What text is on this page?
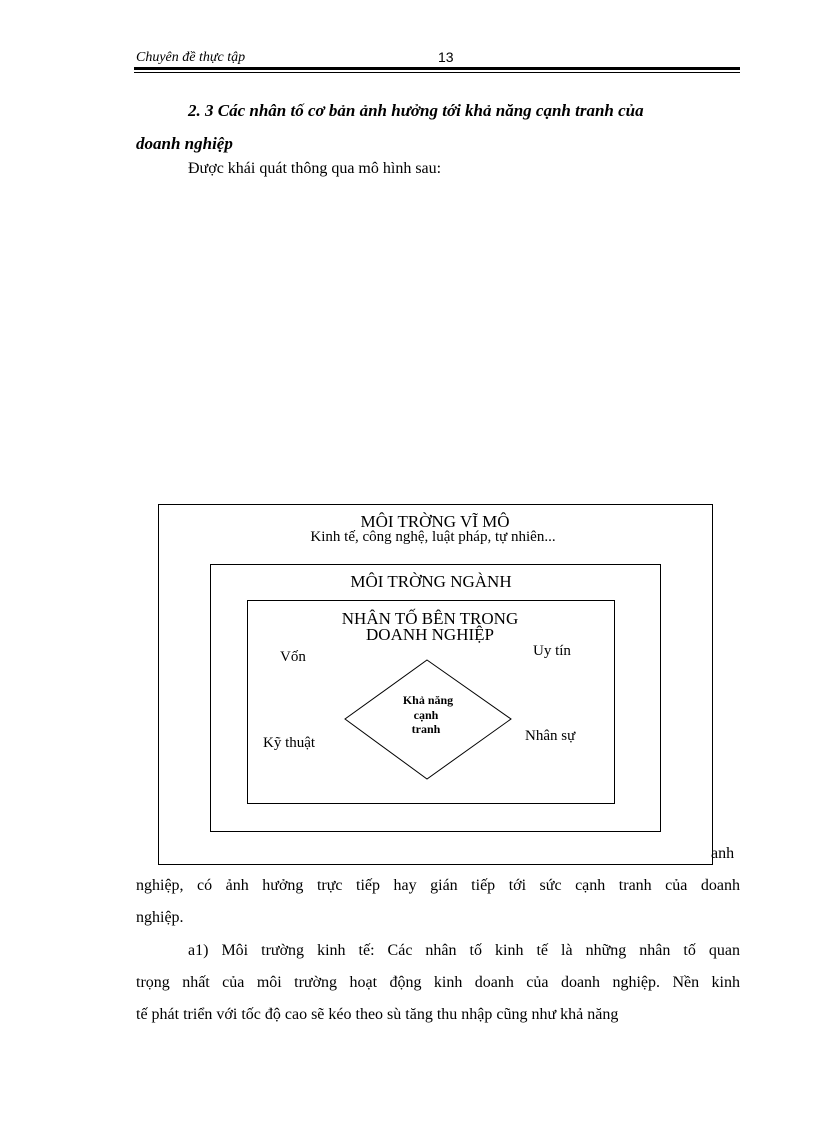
Chuyên đề thực tập	13
2. 3 Các nhân tố cơ bản ảnh hưởng tới khả năng cạnh tranh của
doanh nghiệp
Được khái quát thông qua mô hình sau:
MÔI TRỜNG VĨ MÔ
Kinh tế, công nghệ, luật pháp, tự nhiên...
MÔI TRỜNG NGÀNH
NHÂN TỐ BÊN TRONG
DOANH NGHIỆP
Vốn	Uy tín
Kỹ thuật	Nhân sự
Khả năng
cạnh
tranh
anh
nghiệp, có ảnh hưởng trực tiếp hay gián tiếp tới sức cạnh tranh của doanh
nghiệp.
a1) Môi trường kinh tế: Các nhân tố kinh tế là những nhân tố quan
trọng nhất của môi trường hoạt động kinh doanh của doanh nghiệp. Nền kinh
tế phát triển với tốc độ cao sẽ kéo theo sù tăng thu nhập cũng như khả năng
